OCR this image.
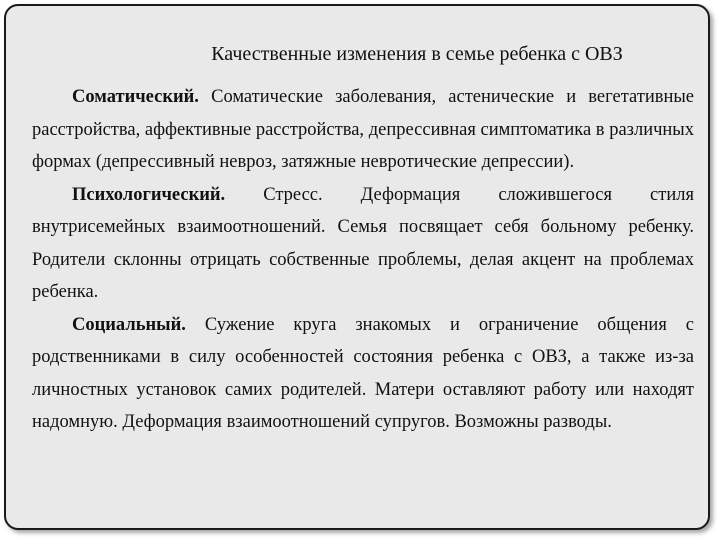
Качественные изменения в семье ребенка с ОВЗ

Соматический. Соматические заболевания, астенические и вегетативные расстройства, аффективные расстройства, депрессивная симптоматика в различных формах (депрессивный невроз, затяжные невротические депрессии).

Психологический. Стресс. Деформация сложившегося стиля внутрисемейных взаимоотношений. Семья посвящает себя больному ребенку. Родители склонны отрицать собственные проблемы, делая акцент на проблемах ребенка.

Социальный. Сужение круга знакомых и ограничение общения с родственниками в силу особенностей состояния ребенка с ОВЗ, а также из-за личностных установок самих родителей. Матери оставляют работу или находят надомную. Деформация взаимоотношений супругов. Возможны разводы.
